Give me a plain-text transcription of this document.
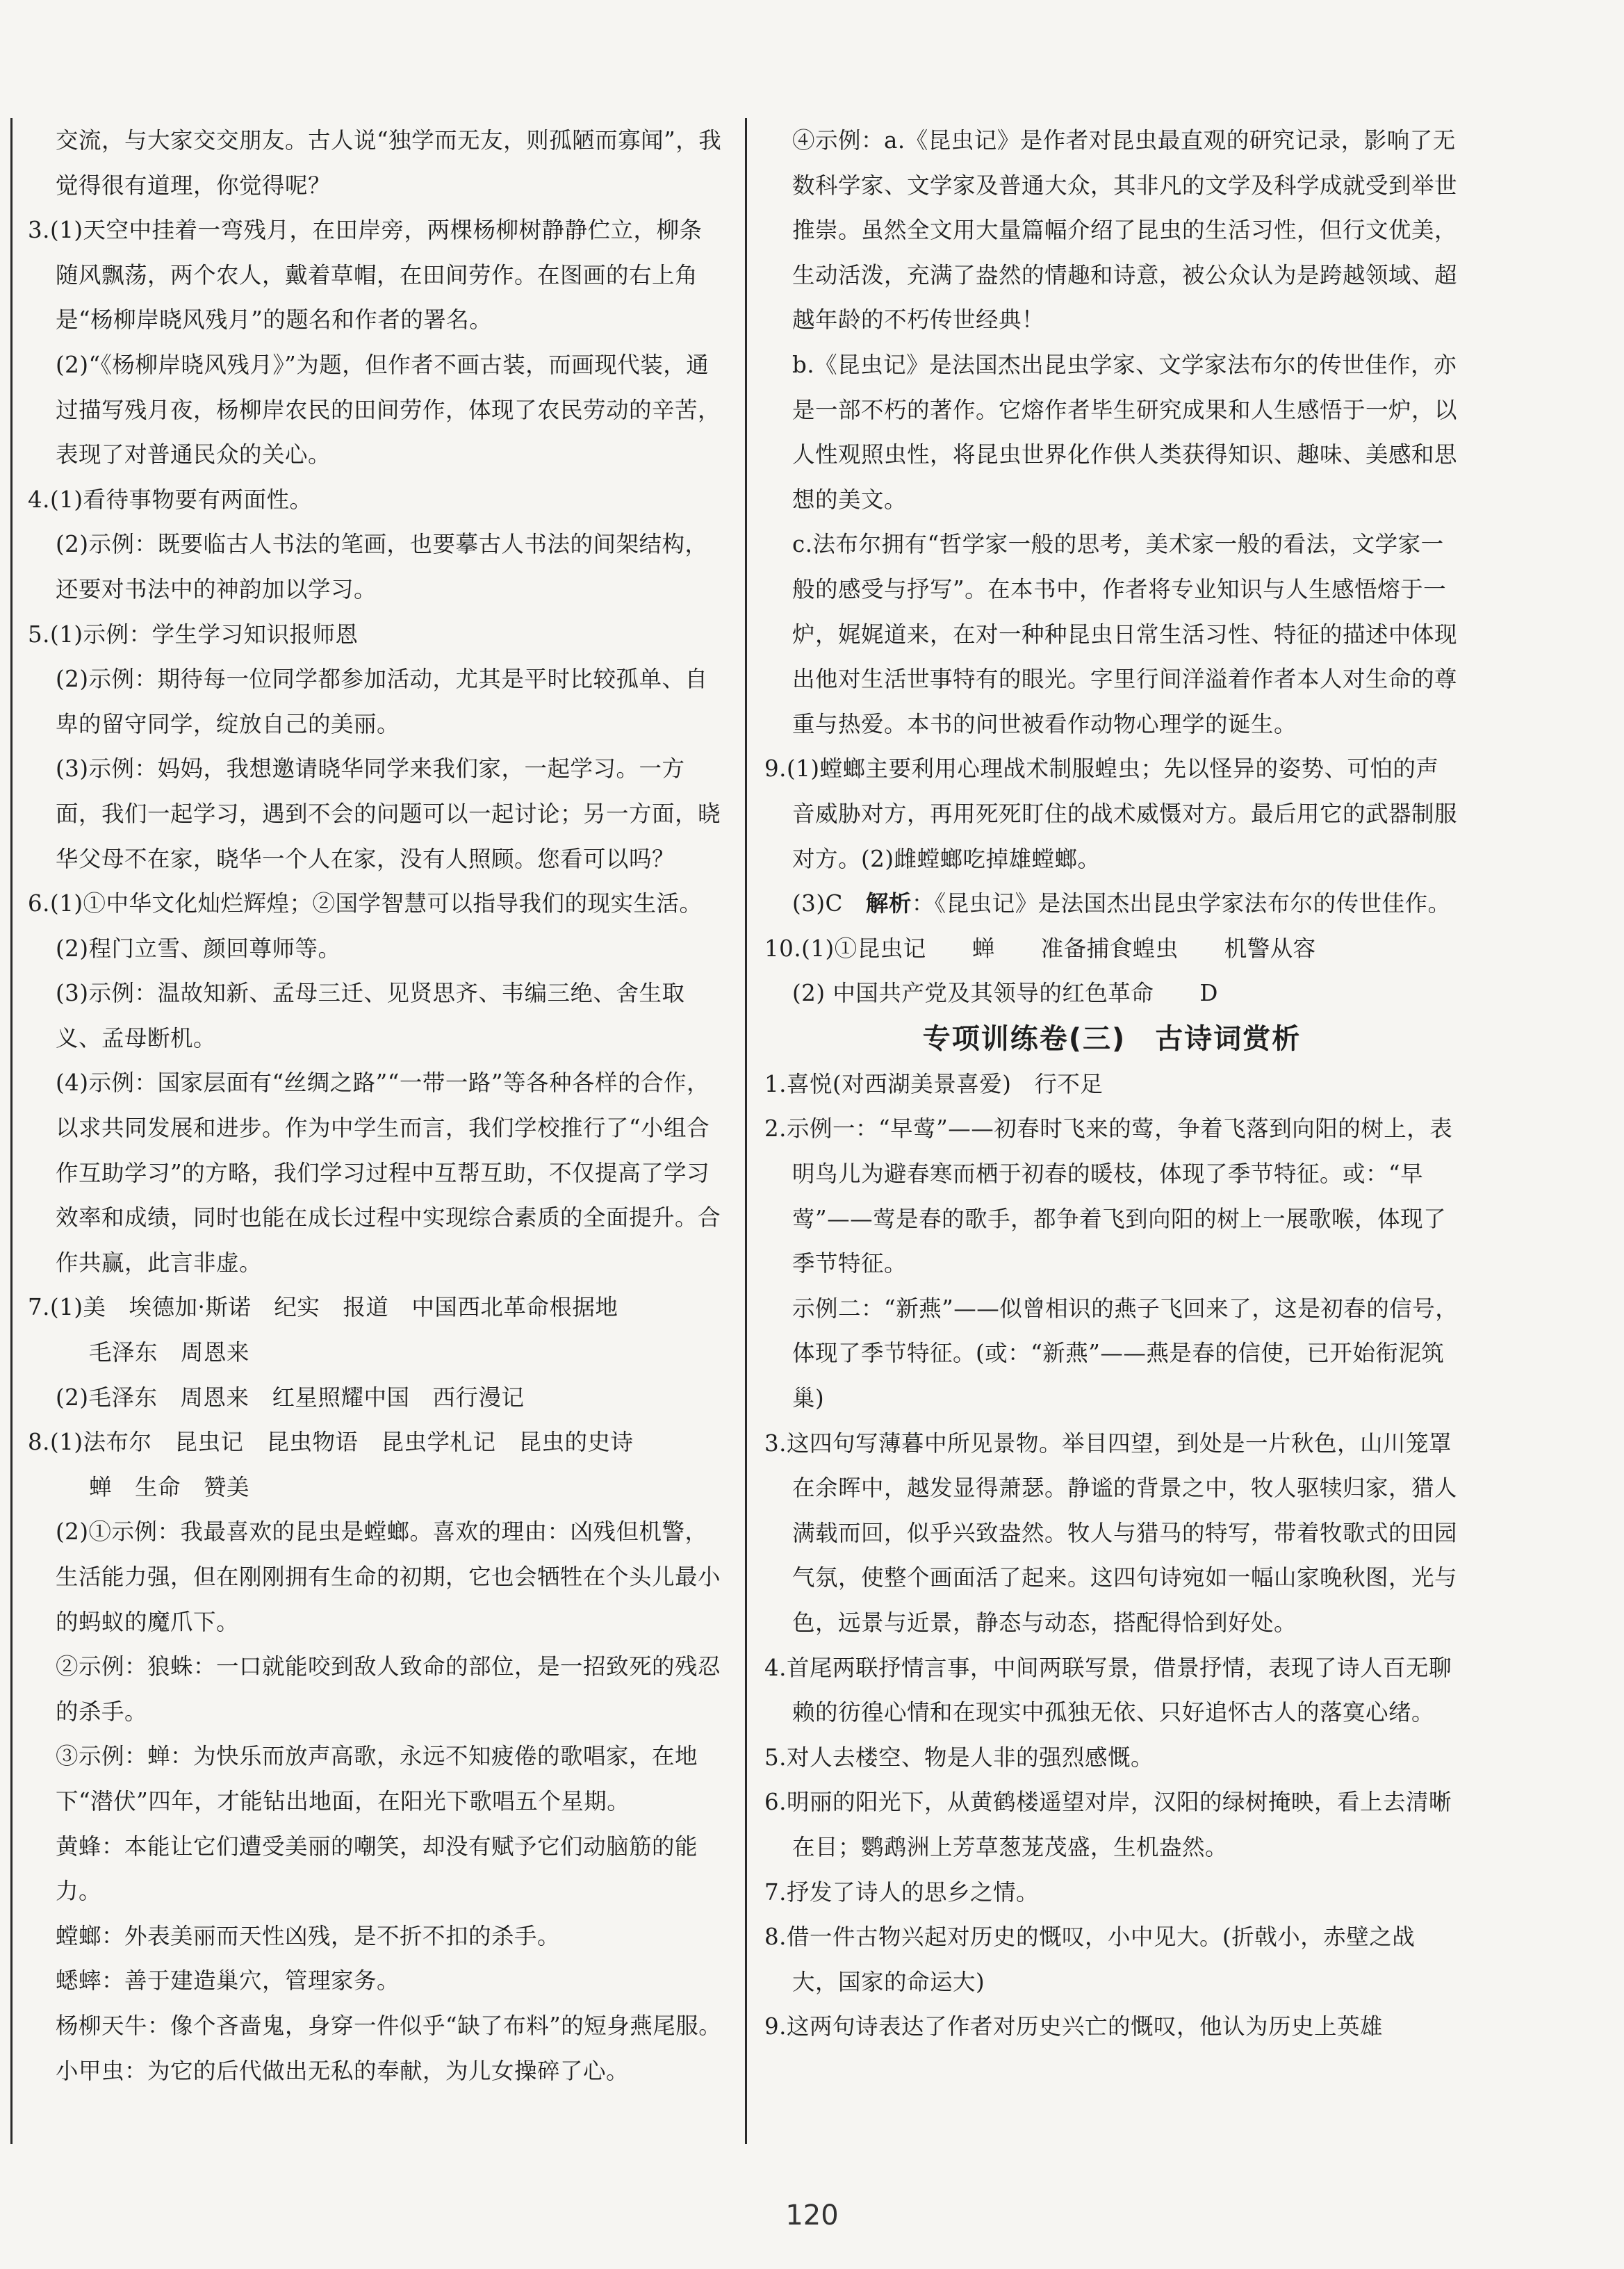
交流，与大家交交朋友。古人说“独学而无友，则孤陋而寡闻”，我觉得很有道理，你觉得呢？

3.(1)天空中挂着一弯残月，在田岸旁，两棵杨柳树静静伫立，柳条随风飘荡，两个农人，戴着草帽，在田间劳作。在图画的右上角是“杨柳岸晓风残月”的题名和作者的署名。

(2)“《杨柳岸晓风残月》”为题，但作者不画古装，而画现代装，通过描写残月夜，杨柳岸农民的田间劳作，体现了农民劳动的辛苦，表现了对普通民众的关心。

4.(1)看待事物要有两面性。

(2)示例：既要临古人书法的笔画，也要摹古人书法的间架结构，还要对书法中的神韵加以学习。

5.(1)示例：学生学习知识报师恩

(2)示例：期待每一位同学都参加活动，尤其是平时比较孤单、自卑的留守同学，绽放自己的美丽。

(3)示例：妈妈，我想邀请晓华同学来我们家，一起学习。一方面，我们一起学习，遇到不会的问题可以一起讨论；另一方面，晓华父母不在家，晓华一个人在家，没有人照顾。您看可以吗？

6.(1)①中华文化灿烂辉煌；②国学智慧可以指导我们的现实生活。

(2)程门立雪、颜回尊师等。

(3)示例：温故知新、孟母三迁、见贤思齐、韦编三绝、舍生取义、孟母断机。

(4)示例：国家层面有“丝绸之路”“一带一路”等各种各样的合作，以求共同发展和进步。作为中学生而言，我们学校推行了“小组合作互助学习”的方略，我们学习过程中互帮互助，不仅提高了学习效率和成绩，同时也能在成长过程中实现综合素质的全面提升。合作共赢，此言非虚。

7.(1)美　埃德加·斯诺　纪实　报道　中国西北革命根据地

毛泽东　周恩来

(2)毛泽东　周恩来　红星照耀中国　西行漫记

8.(1)法布尔　昆虫记　昆虫物语　昆虫学札记　昆虫的史诗

蝉　生命　赞美

(2)①示例：我最喜欢的昆虫是螳螂。喜欢的理由：凶残但机警，生活能力强，但在刚刚拥有生命的初期，它也会牺牲在个头儿最小的蚂蚁的魔爪下。

②示例：狼蛛：一口就能咬到敌人致命的部位，是一招致死的残忍的杀手。

③示例：蝉：为快乐而放声高歌，永远不知疲倦的歌唱家，在地下“潜伏”四年，才能钻出地面，在阳光下歌唱五个星期。

黄蜂：本能让它们遭受美丽的嘲笑，却没有赋予它们动脑筋的能力。

螳螂：外表美丽而天性凶残，是不折不扣的杀手。

蟋蟀：善于建造巢穴，管理家务。

杨柳天牛：像个吝啬鬼，身穿一件似乎“缺了布料”的短身燕尾服。

小甲虫：为它的后代做出无私的奉献，为儿女操碎了心。

④示例：a.《昆虫记》是作者对昆虫最直观的研究记录，影响了无数科学家、文学家及普通大众，其非凡的文学及科学成就受到举世推崇。虽然全文用大量篇幅介绍了昆虫的生活习性，但行文优美，生动活泼，充满了盎然的情趣和诗意，被公众认为是跨越领域、超越年龄的不朽传世经典！

b.《昆虫记》是法国杰出昆虫学家、文学家法布尔的传世佳作，亦是一部不朽的著作。它熔作者毕生研究成果和人生感悟于一炉，以人性观照虫性，将昆虫世界化作供人类获得知识、趣味、美感和思想的美文。

c.法布尔拥有“哲学家一般的思考，美术家一般的看法，文学家一般的感受与抒写”。在本书中，作者将专业知识与人生感悟熔于一炉，娓娓道来，在对一种种昆虫日常生活习性、特征的描述中体现出他对生活世事特有的眼光。字里行间洋溢着作者本人对生命的尊重与热爱。本书的问世被看作动物心理学的诞生。

9.(1)螳螂主要利用心理战术制服蝗虫；先以怪异的姿势、可怕的声音威胁对方，再用死死盯住的战术威慑对方。最后用它的武器制服对方。(2)雌螳螂吃掉雄螳螂。

(3)C　解析：《昆虫记》是法国杰出昆虫学家法布尔的传世佳作。

10.(1)①昆虫记　　蝉　　准备捕食蝗虫　　机警从容

(2) 中国共产党及其领导的红色革命　　D

专项训练卷(三)　古诗词赏析

1.喜悦(对西湖美景喜爱)　行不足

2.示例一：“早莺”——初春时飞来的莺，争着飞落到向阳的树上，表明鸟儿为避春寒而栖于初春的暖枝，体现了季节特征。或：“早莺”——莺是春的歌手，都争着飞到向阳的树上一展歌喉，体现了季节特征。

示例二：“新燕”——似曾相识的燕子飞回来了，这是初春的信号，体现了季节特征。(或：“新燕”——燕是春的信使，已开始衔泥筑巢)

3.这四句写薄暮中所见景物。举目四望，到处是一片秋色，山川笼罩在余晖中，越发显得萧瑟。静谧的背景之中，牧人驱犊归家，猎人满载而回，似乎兴致盎然。牧人与猎马的特写，带着牧歌式的田园气氛，使整个画面活了起来。这四句诗宛如一幅山家晚秋图，光与色，远景与近景，静态与动态，搭配得恰到好处。

4.首尾两联抒情言事，中间两联写景，借景抒情，表现了诗人百无聊赖的彷徨心情和在现实中孤独无依、只好追怀古人的落寞心绪。

5.对人去楼空、物是人非的强烈感慨。

6.明丽的阳光下，从黄鹤楼遥望对岸，汉阳的绿树掩映，看上去清晰在目；鹦鹉洲上芳草葱茏茂盛，生机盎然。

7.抒发了诗人的思乡之情。

8.借一件古物兴起对历史的慨叹，小中见大。(折戟小，赤壁之战大，国家的命运大)

9.这两句诗表达了作者对历史兴亡的慨叹，他认为历史上英雄

120
